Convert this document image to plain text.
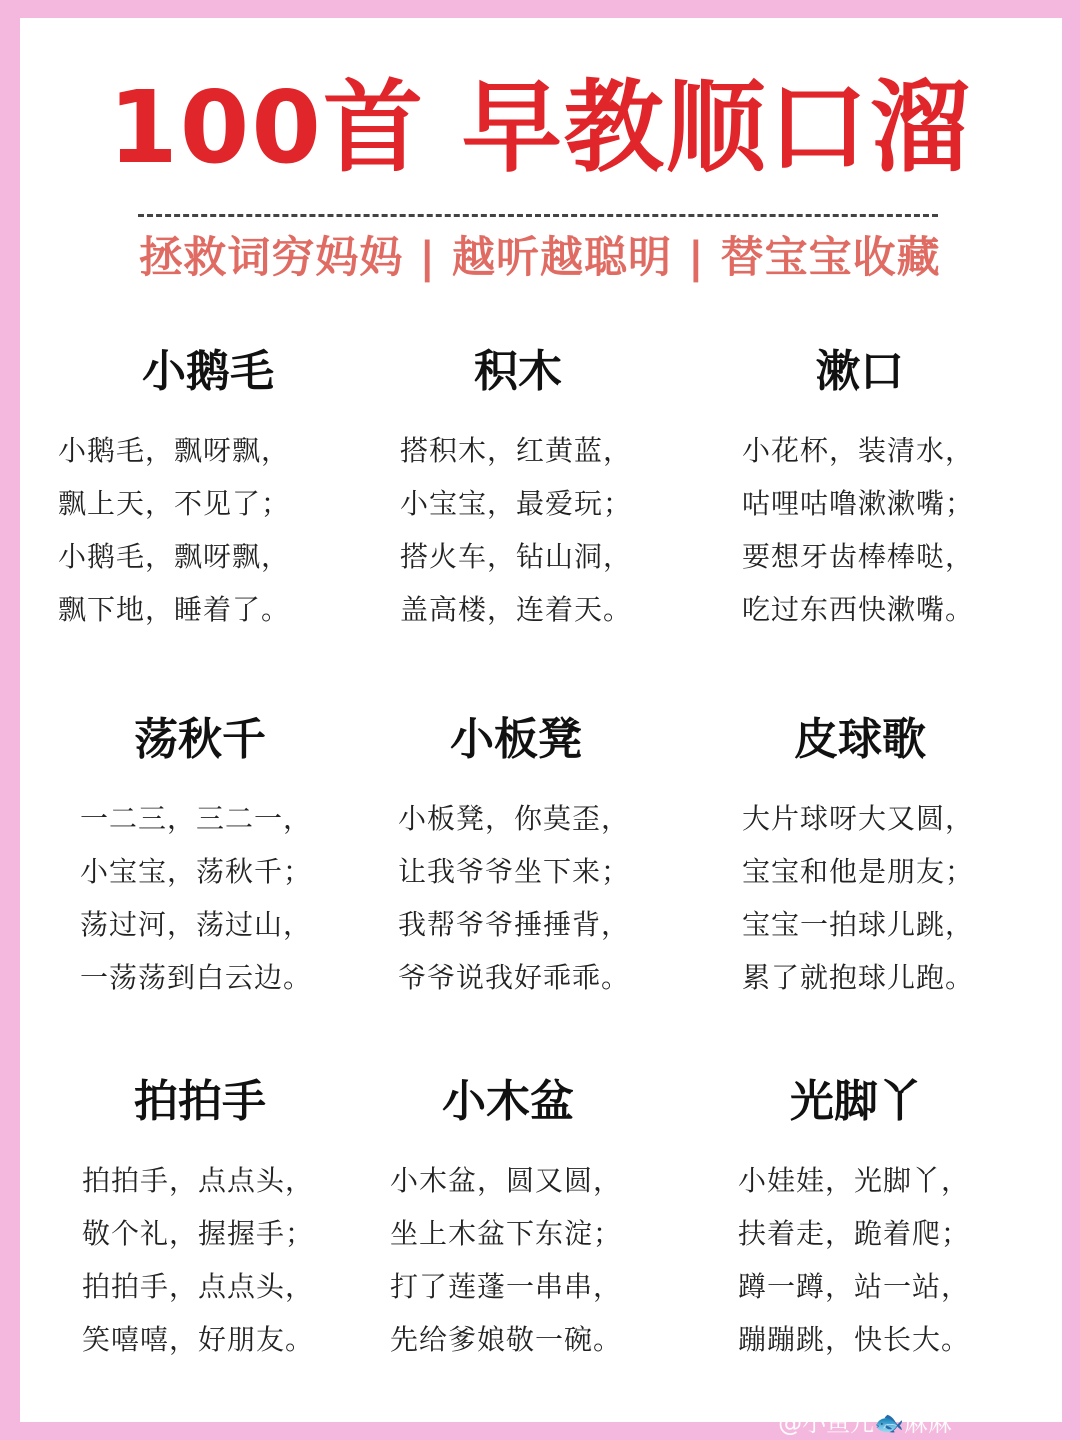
100首 早教顺口溜
拯救词穷妈妈 | 越听越聪明 | 替宝宝收藏
小鹅毛
小鹅毛，飘呀飘，
飘上天，不见了；
小鹅毛，飘呀飘，
飘下地，睡着了。
积木
搭积木，红黄蓝，
小宝宝，最爱玩；
搭火车，钻山洞，
盖高楼，连着天。
漱口
小花杯，装清水，
咕哩咕噜漱漱嘴；
要想牙齿棒棒哒，
吃过东西快漱嘴。
荡秋千
一二三，三二一，
小宝宝，荡秋千；
荡过河，荡过山，
一荡荡到白云边。
小板凳
小板凳，你莫歪，
让我爷爷坐下来；
我帮爷爷捶捶背，
爷爷说我好乖乖。
皮球歌
大片球呀大又圆，
宝宝和他是朋友；
宝宝一拍球儿跳，
累了就抱球儿跑。
拍拍手
拍拍手，点点头，
敬个礼，握握手；
拍拍手，点点头，
笑嘻嘻，好朋友。
小木盆
小木盆，圆又圆，
坐上木盆下东淀；
打了莲蓬一串串，
先给爹娘敬一碗。
光脚丫
小娃娃，光脚丫，
扶着走，跪着爬；
蹲一蹲，站一站，
蹦蹦跳，快长大。
@小鱼儿🐟麻麻
